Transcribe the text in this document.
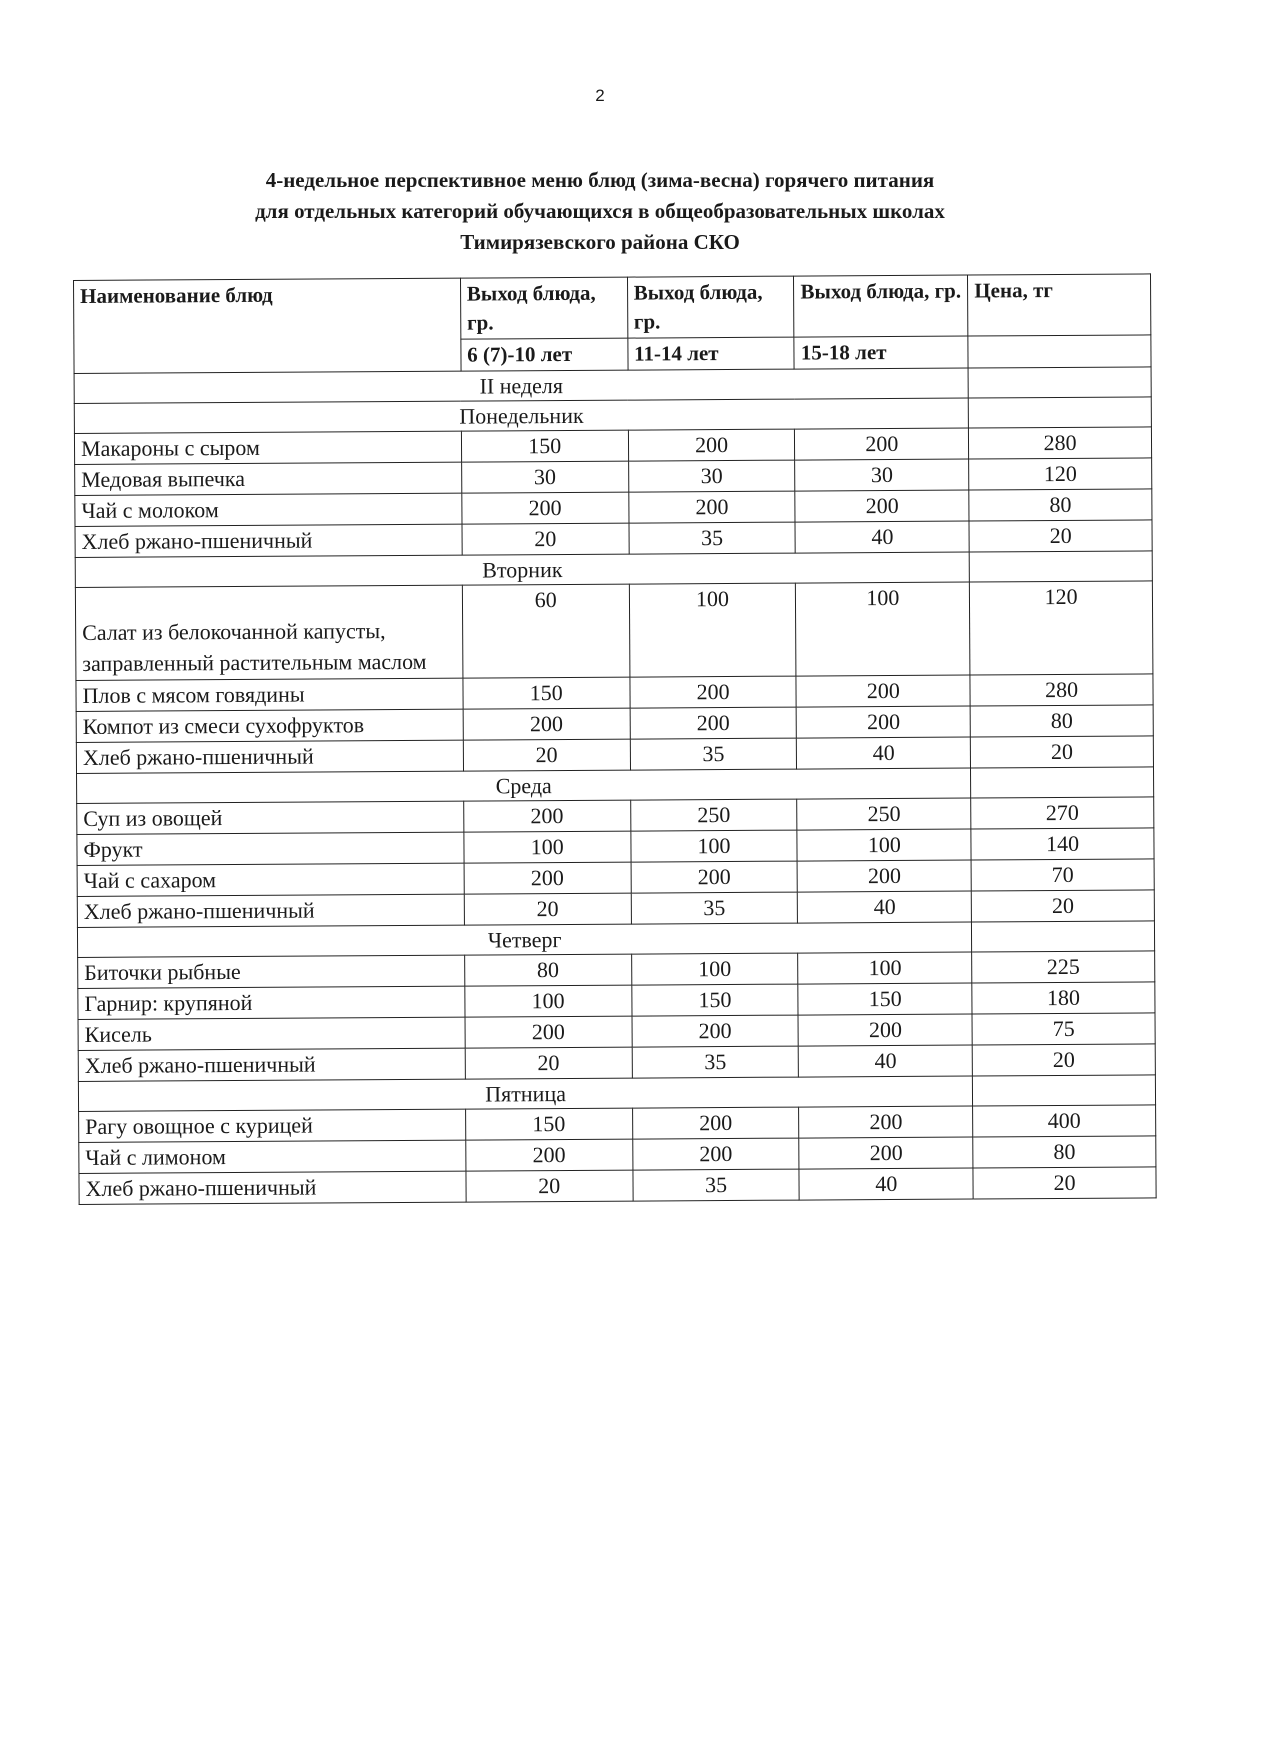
2
4-недельное перспективное меню блюд (зима-весна) горячего питания
для отдельных категорий обучающихся в общеобразовательных школах
Тимирязевского района СКО
Наименование блюд	Выход блюда, гр.	Выход блюда, гр.	Выход блюда, гр.	Цена, тг
	6 (7)-10 лет	11-14 лет	15-18 лет	
II неделя				
Понедельник				
Макароны с сыром	150	200	200	280
Медовая выпечка	30	30	30	120
Чай с молоком	200	200	200	80
Хлеб ржано-пшеничный	20	35	40	20
Вторник				
Салат из белокочанной капусты, заправленный растительным маслом	60	100	100	120
Плов с мясом говядины	150	200	200	280
Компот из смеси сухофруктов	200	200	200	80
Хлеб ржано-пшеничный	20	35	40	20
Среда				
Суп из овощей	200	250	250	270
Фрукт	100	100	100	140
Чай с сахаром	200	200	200	70
Хлеб ржано-пшеничный	20	35	40	20
Четверг				
Биточки рыбные	80	100	100	225
Гарнир: крупяной	100	150	150	180
Кисель	200	200	200	75
Хлеб ржано-пшеничный	20	35	40	20
Пятница				
Рагу овощное с курицей	150	200	200	400
Чай с лимоном	200	200	200	80
Хлеб ржано-пшеничный	20	35	40	20
